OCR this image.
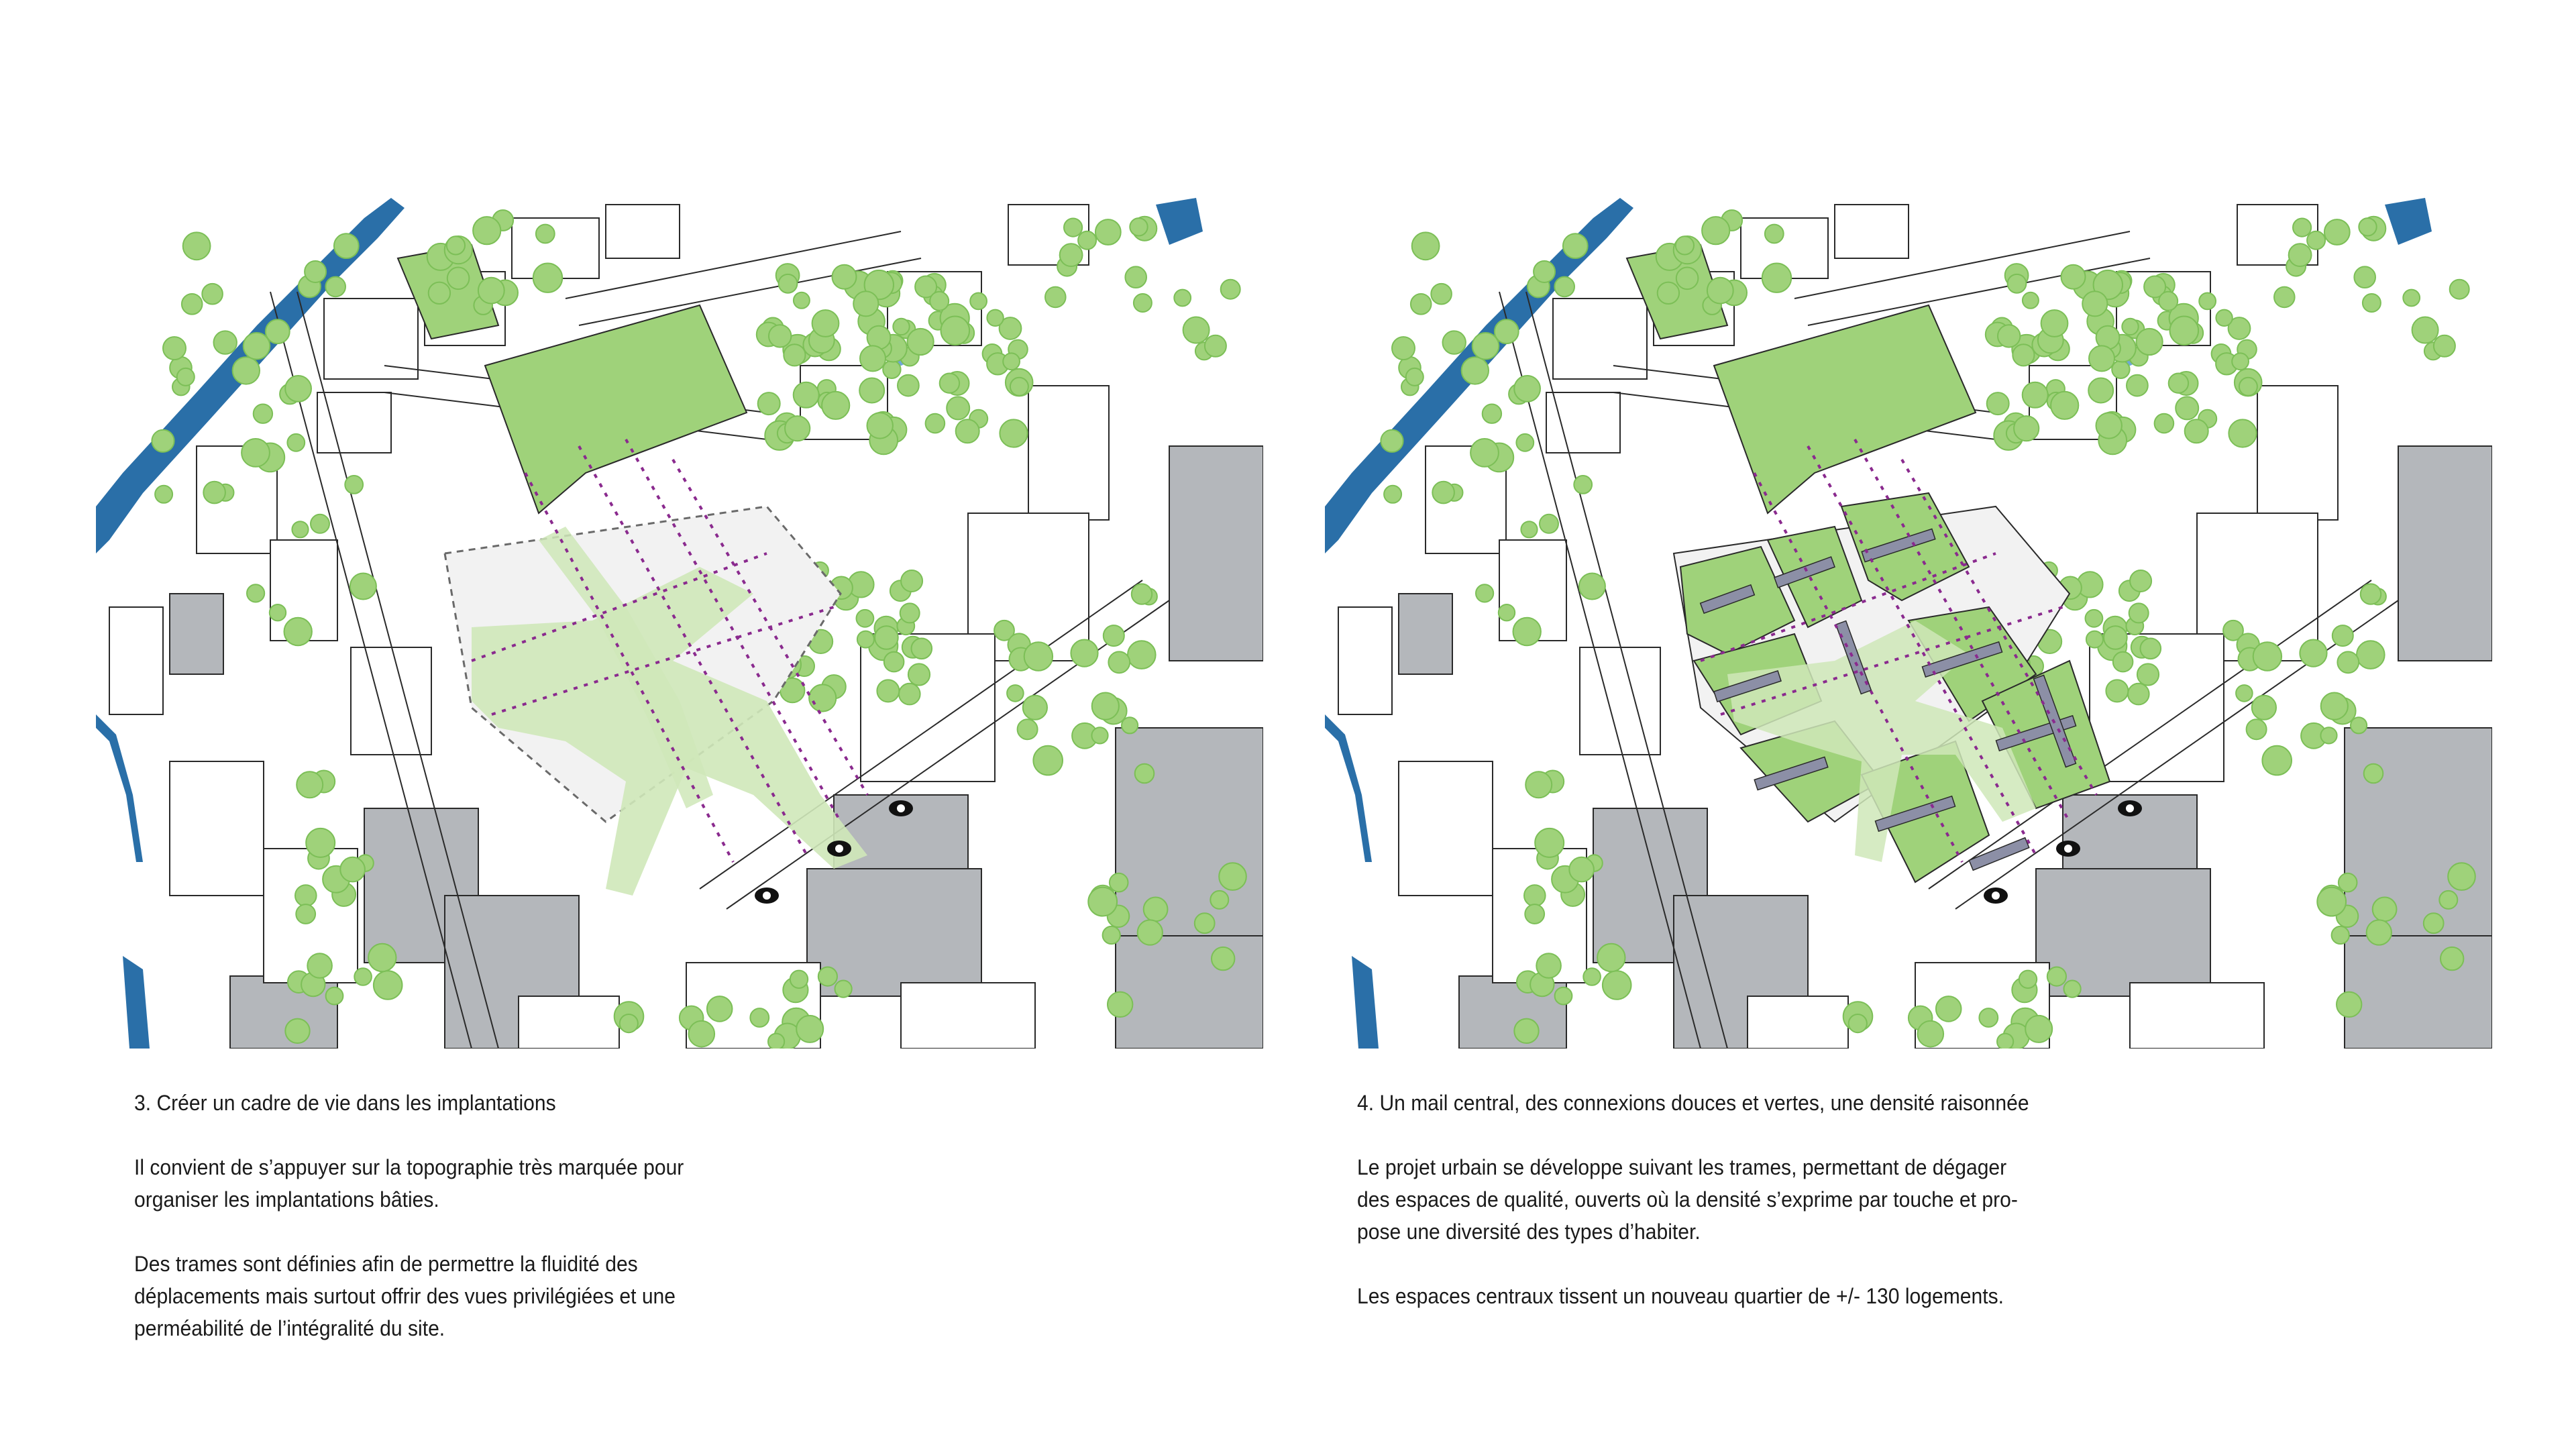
3. Créer un cadre de vie dans les implantations

Il convient de s’appuyer sur la topographie très marquée pour
organiser les implantations bâties.

Des trames sont définies afin de permettre la fluidité des
déplacements mais surtout offrir des vues privilégiées et une
perméabilité de l’intégralité du site.

4. Un mail central, des connexions douces et vertes, une densité raisonnée

Le projet urbain se développe suivant les trames, permettant de dégager
des espaces de qualité, ouverts où la densité s’exprime par touche et pro-
pose une diversité des types d’habiter.

Les espaces centraux tissent un nouveau quartier de +/- 130 logements.
